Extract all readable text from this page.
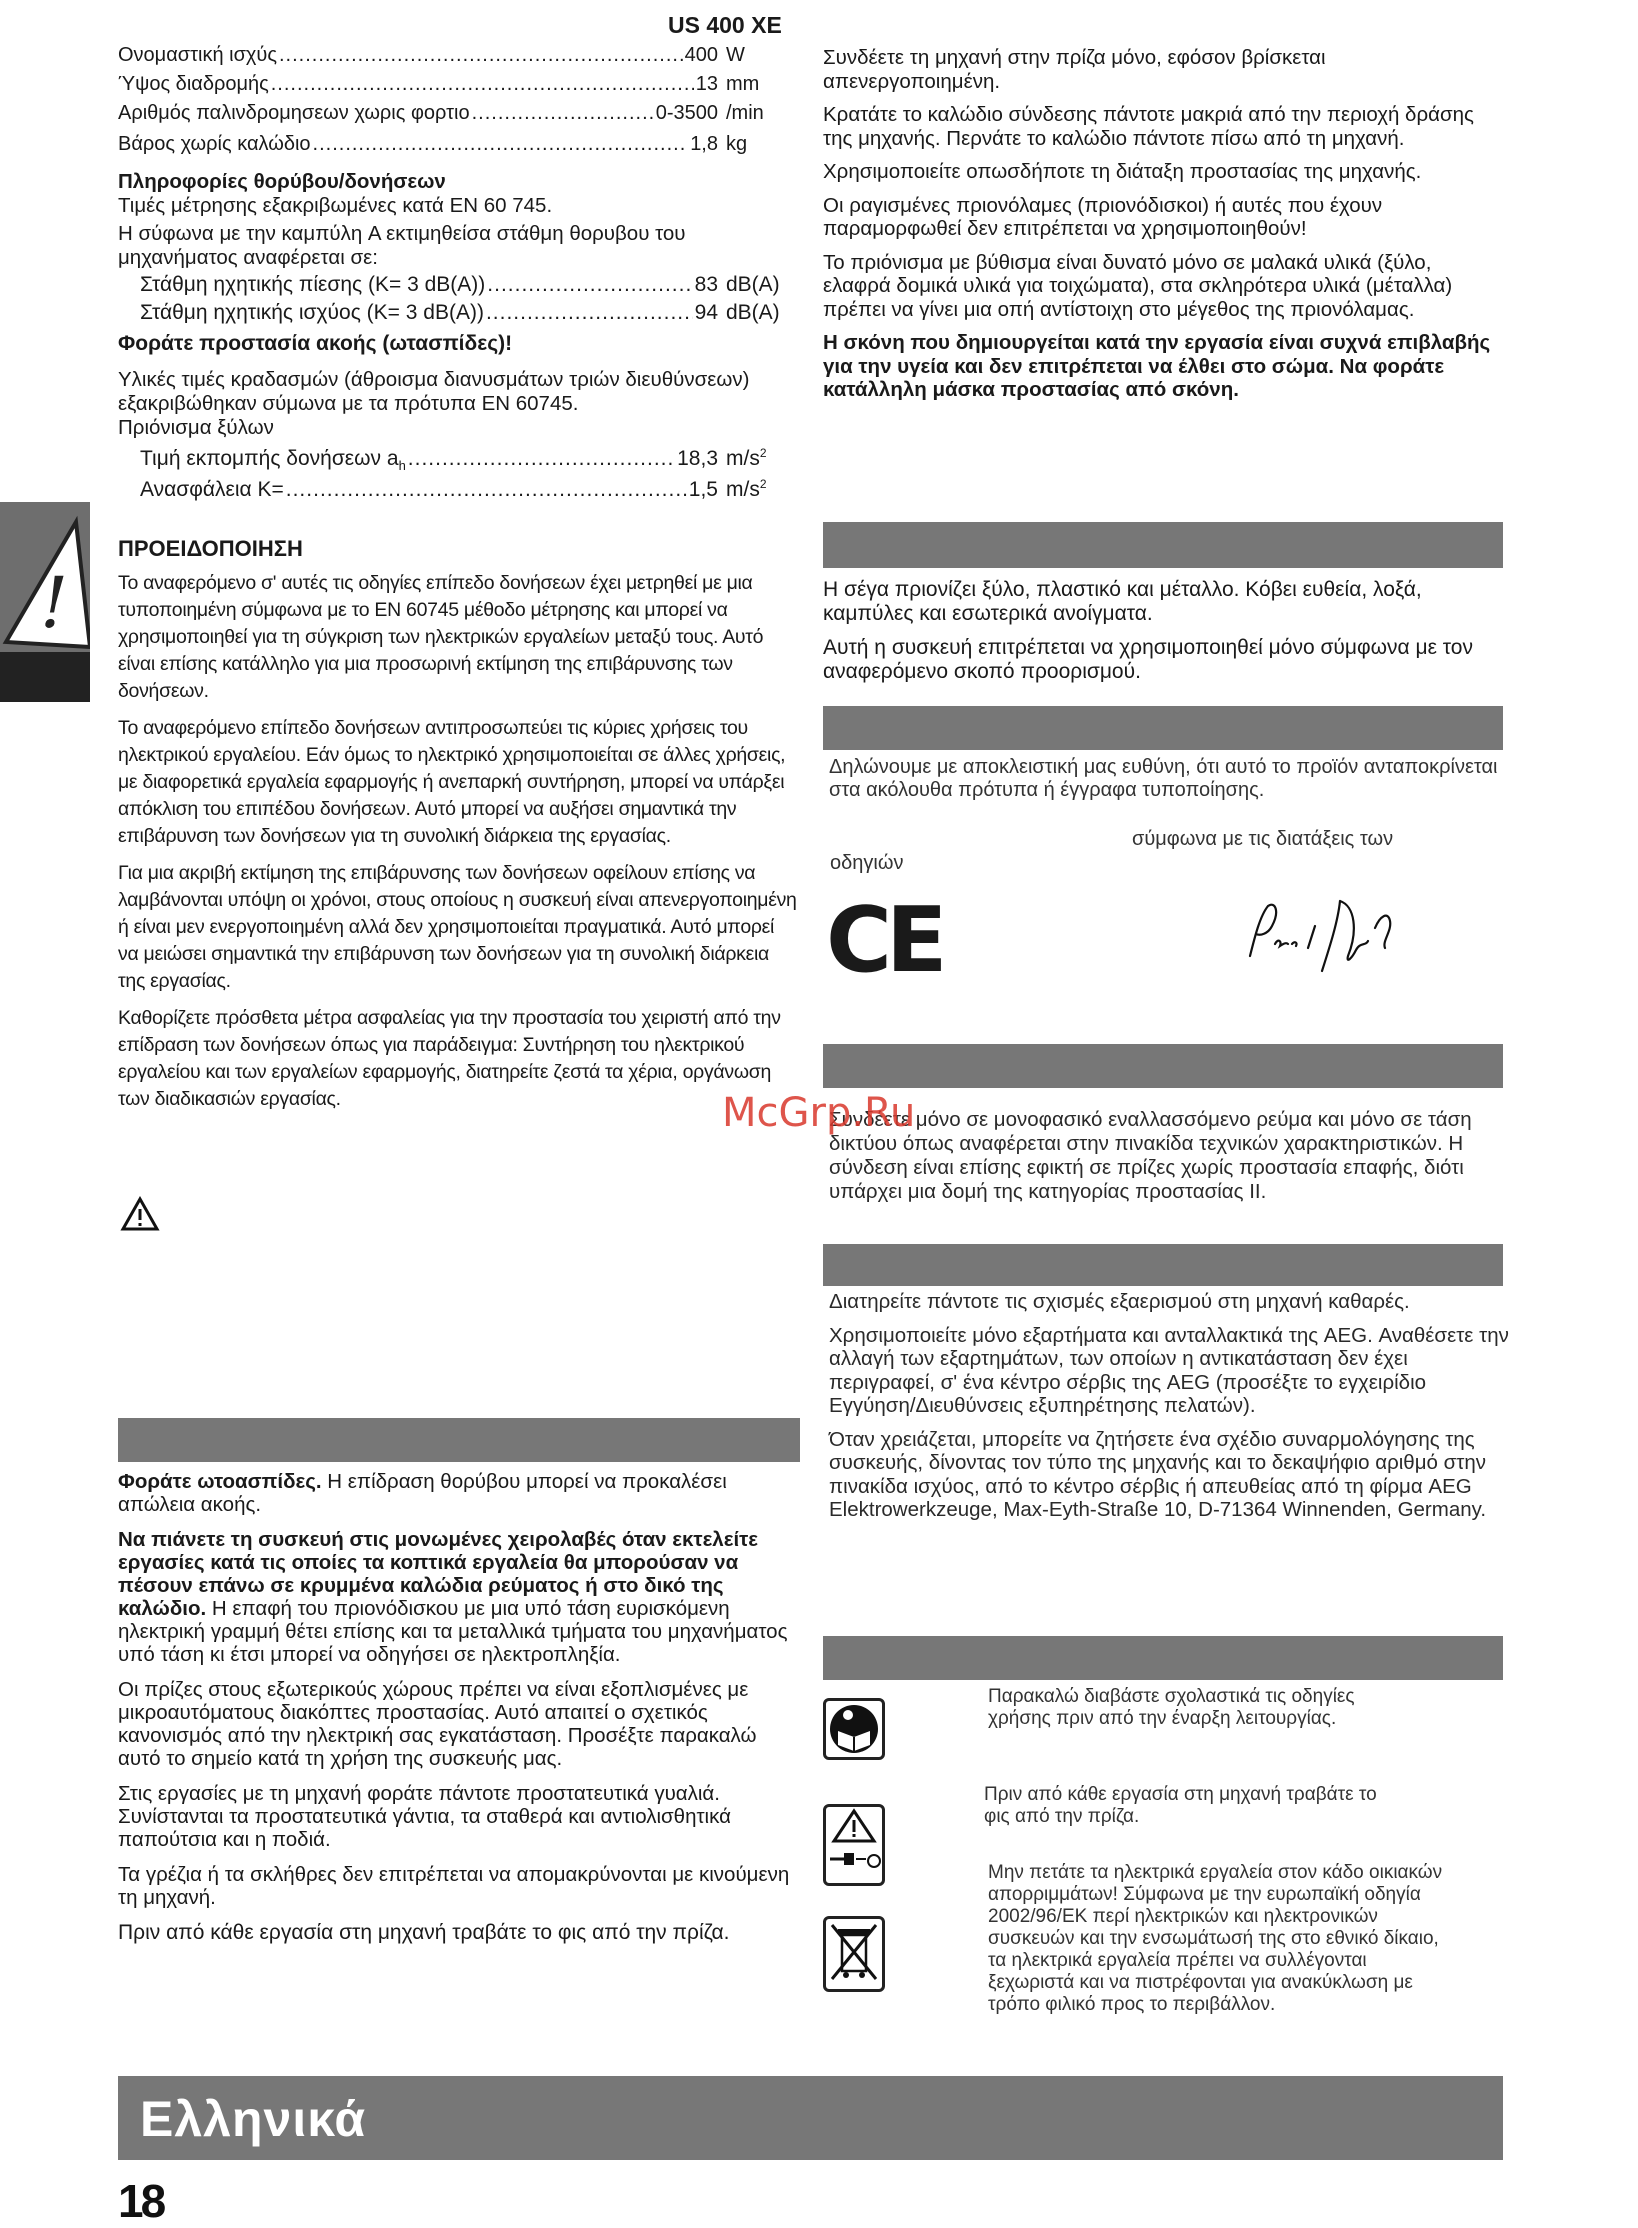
US 400 XE
Ονομαστική ισχύς .....	400 W
Ύψος διαδρομής .....	13 mm
Αριθμός παλινδρομησεων χωρις φορτιο .....	0-3500 /min
Βάρος χωρίς καλώδιο .....	1,8 kg
Πληροφορίες θορύβου/δονήσεων
Τιμές μέτρησης εξακριβωμένες κατά EN 60 745.
Η σύφωνα με την καμπύλη A εκτιμηθείσα στάθμη θορυβου του μηχανήματος αναφέρεται σε:
Στάθμη ηχητικής πίεσης (K= 3 dB(A)) .....	83 dB(A)
Στάθμη ηχητικής ισχύος (K= 3 dB(A)) .....	94 dB(A)
Φοράτε προστασία ακοής (ωτασπίδες)!
Υλικές τιμές κραδασμών (άθροισμα διανυσμάτων τριών διευθύνσεων) εξακριβώθηκαν σύμωνα με τα πρότυπα EN 60745.
Πριόνισμα ξύλων
Τιμή εκπομπής δονήσεων $a_h$ .....	18,3 $m/s^2$
Ανασφάλεια K= .....	1,5 $m/s^2$
!
ΠΡΟΕΙΔΟΠΟΙΗΣΗ
Το αναφερόμενο σ' αυτές τις οδηγίες επίπεδο δονήσεων έχει μετρηθεί με μια τυποποιημένη σύμφωνα με το EN 60745 μέθοδο μέτρησης και μπορεί να χρησιμοποιηθεί για τη σύγκριση των ηλεκτρικών εργαλείων μεταξύ τους. Αυτό είναι επίσης κατάλληλο για μια προσωρινή εκτίμηση της επιβάρυνσης των δονήσεων.
Το αναφερόμενο επίπεδο δονήσεων αντιπροσωπεύει τις κύριες χρήσεις του ηλεκτρικού εργαλείου. Εάν όμως το ηλεκτρικό χρησιμοποιείται σε άλλες χρήσεις, με διαφορετικά εργαλεία εφαρμογής ή ανεπαρκή συντήρηση, μπορεί να υπάρξει απόκλιση του επιπέδου δονήσεων. Αυτό μπορεί να αυξήσει σημαντικά την επιβάρυνση των δονήσεων για τη συνολική διάρκεια της εργασίας.
Για μια ακριβή εκτίμηση της επιβάρυνσης των δονήσεων οφείλουν επίσης να λαμβάνονται υπόψη οι χρόνοι, στους οποίους η συσκευή είναι απενεργοποιημένη ή είναι μεν ενεργοποιημένη αλλά δεν χρησιμοποιείται πραγματικά. Αυτό μπορεί να μειώσει σημαντικά την επιβάρυνση των δονήσεων για τη συνολική διάρκεια της εργασίας.
Καθορίζετε πρόσθετα μέτρα ασφαλείας για την προστασία του χειριστή από την επίδραση των δονήσεων όπως για παράδειγμα: Συντήρηση του ηλεκτρικού εργαλείου και των εργαλείων εφαρμογής, διατηρείτε ζεστά τα χέρια, οργάνωση των διαδικασιών εργασίας.

Φοράτε ωτοασπίδες. Η επίδραση θορύβου μπορεί να προκαλέσει απώλεια ακοής.

Να πιάνετε τη συσκευή στις μονωμένες χειρολαβές όταν εκτελείτε εργασίες κατά τις οποίες τα κοπτικά εργαλεία θα μπορούσαν να πέσουν επάνω σε κρυμμένα καλώδια ρεύματος ή στο δικό της καλώδιο. Η επαφή του πριονόδισκου με μια υπό τάση ευρισκόμενη ηλεκτρική γραμμή θέτει επίσης και τα μεταλλικά τμήματα του μηχανήματος υπό τάση κι έτσι μπορεί να οδηγήσει σε ηλεκτροπληξία.

Οι πρίζες στους εξωτερικούς χώρους πρέπει να είναι εξοπλισμένες με μικροαυτόματους διακόπτες προστασίας. Αυτό απαιτεί ο σχετικός κανονισμός από την ηλεκτρική σας εγκατάσταση. Προσέξτε παρακαλώ αυτό το σημείο κατά τη χρήση της συσκευής μας.

Στις εργασίες με τη μηχανή φοράτε πάντοτε προστατευτικά γυαλιά. Συνίστανται τα προστατευτικά γάντια, τα σταθερά και αντιολισθητικά παπούτσια και η ποδιά.

Τα γρέζια ή τα σκλήθρες δεν επιτρέπεται να απομακρύνονται με κινούμενη τη μηχανή.

Πριν από κάθε εργασία στη μηχανή τραβάτε το φις από την πρίζα.

Συνδέετε τη μηχανή στην πρίζα μόνο, εφόσον βρίσκεται απενεργοποιημένη.

Κρατάτε το καλώδιο σύνδεσης πάντοτε μακριά από την περιοχή δράσης της μηχανής. Περνάτε το καλώδιο πάντοτε πίσω από τη μηχανή.

Χρησιμοποιείτε οπωσδήποτε τη διάταξη προστασίας της μηχανής.

Οι ραγισμένες πριονόλαμες (πριονόδισκοι) ή αυτές που έχουν παραμορφωθεί δεν επιτρέπεται να χρησιμοποιηθούν!

Το πριόνισμα με βύθισμα είναι δυνατό μόνο σε μαλακά υλικά (ξύλο, ελαφρά δομικά υλικά για τοιχώματα), στα σκληρότερα υλικά (μέταλλα) πρέπει να γίνει μια οπή αντίστοιχη στο μέγεθος της πριονόλαμας.

Η σκόνη που δημιουργείται κατά την εργασία είναι συχνά επιβλαβής για την υγεία και δεν επιτρέπεται να έλθει στο σώμα. Να φοράτε κατάλληλη μάσκα προστασίας από σκόνη.

Η σέγα πριονίζει ξύλο, πλαστικό και μέταλλο. Κόβει ευθεία, λοξά, καμπύλες και εσωτερικά ανοίγματα.

Αυτή η συσκευή επιτρέπεται να χρησιμοποιηθεί μόνο σύμφωνα με τον αναφερόμενο σκοπό προορισμού.

Δηλώνουμε με αποκλειστική μας ευθύνη, ότι αυτό το προϊόν ανταποκρίνεται στα ακόλουθα πρότυπα ή έγγραφα τυποποίησης.

σύμφωνα με τις διατάξεις των
οδηγιών
CE
Συνδέετε μόνο σε μονοφασικό εναλλασσόμενο ρεύμα και μόνο σε τάση δικτύου όπως αναφέρεται στην πινακίδα τεχνικών χαρακτηριστικών. Η σύνδεση είναι επίσης εφικτή σε πρίζες χωρίς προστασία επαφής, διότι υπάρχει μια δομή της κατηγορίας προστασίας II.

Διατηρείτε πάντοτε τις σχισμές εξαερισμού στη μηχανή καθαρές.

Χρησιμοποιείτε μόνο εξαρτήματα και ανταλλακτικά της AEG. Αναθέσετε την αλλαγή των εξαρτημάτων, των οποίων η αντικατάσταση δεν έχει περιγραφεί, σ' ένα κέντρο σέρβις της AEG (προσέξτε το εγχειρίδιο Εγγύηση/Διευθύνσεις εξυπηρέτησης πελατών).

Όταν χρειάζεται, μπορείτε να ζητήσετε ένα σχέδιο συναρμολόγησης της συσκευής, δίνοντας τον τύπο της μηχανής και το δεκαψήφιο αριθμό στην πινακίδα ισχύος, από το κέντρο σέρβις ή απευθείας από τη φίρμα AEG Elektrowerkzeuge, Max-Eyth-Straße 10, D-71364 Winnenden, Germany.

Παρακαλώ διαβάστε σχολαστικά τις οδηγίες χρήσης πριν από την έναρξη λειτουργίας.
Πριν από κάθε εργασία στη μηχανή τραβάτε το φις από την πρίζα.
Μην πετάτε τα ηλεκτρικά εργαλεία στον κάδο οικιακών απορριμμάτων! Σύμφωνα με την ευρωπαϊκή οδηγία 2002/96/ΕΚ περί ηλεκτρικών και ηλεκτρονικών συσκευών και την ενσωμάτωσή της στο εθνικό δίκαιο, τα ηλεκτρικά εργαλεία πρέπει να συλλέγονται ξεχωριστά και να πιστρέφονται για ανακύκλωση με τρόπο φιλικό προς το περιβάλλον.
Ελληνικά
18
McGrp.Ru
